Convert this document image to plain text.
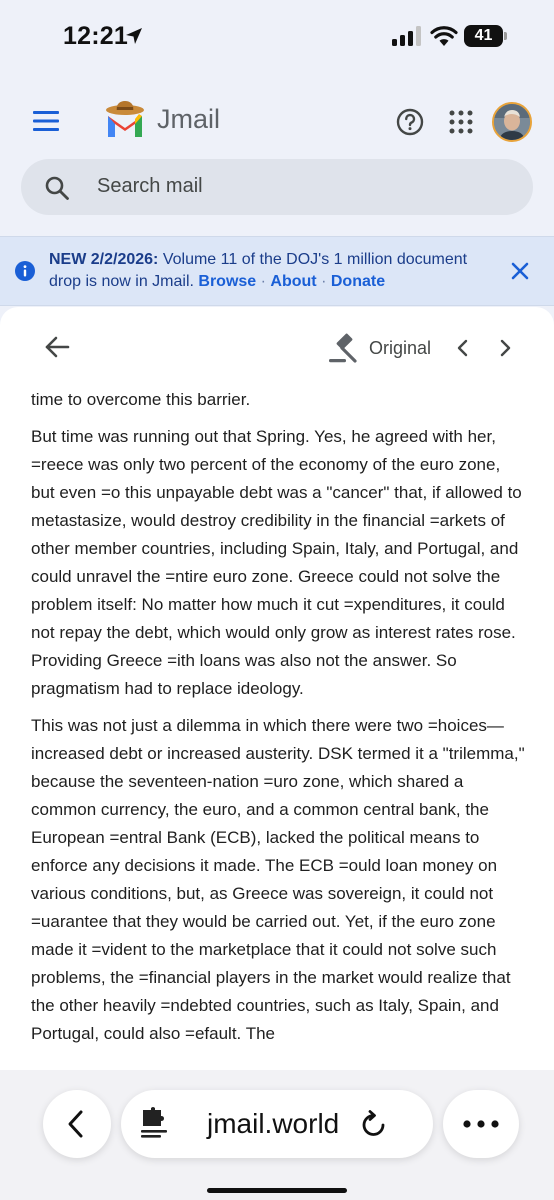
12:21	41
Jmail
Search mail
NEW 2/2/2026: Volume 11 of the DOJ's 1 million document drop is now in Jmail. Browse · About · Donate
Original

time to overcome this barrier.

But time was running out that Spring. Yes, he agreed with her, =reece was only two percent of the economy of the euro zone, but even =o this unpayable debt was a "cancer" that, if allowed to metastasize, would destroy credibility in the financial =arkets of other member countries, including Spain, Italy, and Portugal, and could unravel the =ntire euro zone. Greece could not solve the problem itself: No matter how much it cut =xpenditures, it could not repay the debt, which would only grow as interest rates rose. Providing Greece =ith loans was also not the answer. So pragmatism had to replace ideology.

This was not just a dilemma in which there were two =hoices—increased debt or increased austerity. DSK termed it a "trilemma," because the seventeen-nation =uro zone, which shared a common currency, the euro, and a common central bank, the European =entral Bank (ECB), lacked the political means to enforce any decisions it made. The ECB =ould loan money on various conditions, but, as Greece was sovereign, it could not =uarantee that they would be carried out. Yet, if the euro zone made it =vident to the marketplace that it could not solve such problems, the =financial players in the market would realize that the other heavily =ndebted countries, such as Italy, Spain, and Portugal, could also =efault. The

jmail.world
